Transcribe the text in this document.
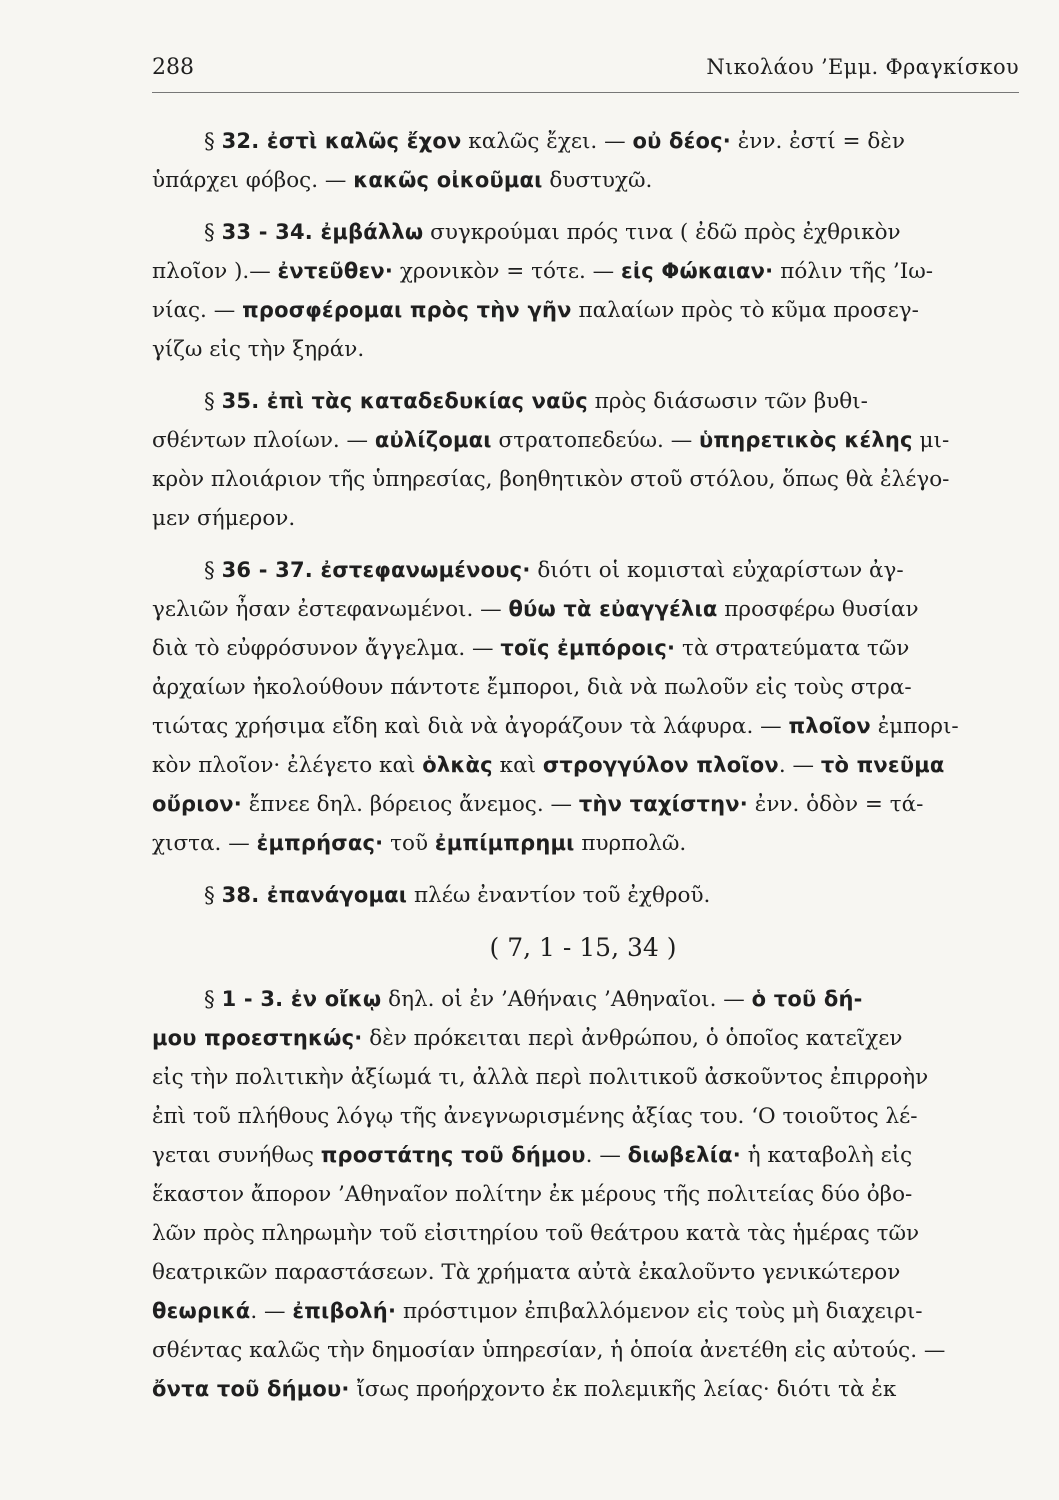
288	Νικολάου ’Εμμ. Φραγκίσκου

§ 32. ἐστὶ καλῶς ἔχον καλῶς ἔχει. — οὐ δέος· ἐνν. ἐστί = δὲν

ὑπάρχει φόβος. — κακῶς οἰκοῦμαι δυστυχῶ.

§ 33 - 34. ἐμβάλλω συγκρούμαι πρός τινα ( ἐδῶ πρὸς ἐχθρικὸν

πλοῖον ).— ἐντεῦθεν· χρονικὸν = τότε. — εἰς Φώκαιαν· πόλιν τῆς ’Ιω-

νίας. — προσφέρομαι πρὸς τὴν γῆν παλαίων πρὸς τὸ κῦμα προσεγ-

γίζω εἰς τὴν ξηράν.

§ 35. ἐπὶ τὰς καταδεδυκίας ναῦς πρὸς διάσωσιν τῶν βυθι-

σθέντων πλοίων. — αὐλίζομαι στρατοπεδεύω. — ὑπηρετικὸς κέλης μι-

κρὸν πλοιάριον τῆς ὑπηρεσίας, βοηθητικὸν στοῦ στόλου, ὅπως θὰ ἐλέγο-

μεν σήμερον.

§ 36 - 37. ἐστεφανωμένους· διότι οἱ κομισταὶ εὐχαρίστων ἀγ-

γελιῶν ἦσαν ἐστεφανωμένοι. — θύω τὰ εὐαγγέλια προσφέρω θυσίαν

διὰ τὸ εὐφρόσυνον ἄγγελμα. — τοῖς ἐμπόροις· τὰ στρατεύματα τῶν

ἀρχαίων ἠκολούθουν πάντοτε ἔμποροι, διὰ νὰ πωλοῦν εἰς τοὺς στρα-

τιώτας χρήσιμα εἴδη καὶ διὰ νὰ ἀγοράζουν τὰ λάφυρα. — πλοῖον ἐμπορι-

κὸν πλοῖον· ἐλέγετο καὶ ὁλκὰς καὶ στρογγύλον πλοῖον. — τὸ πνεῦμα

οὔριον· ἔπνεε δηλ. βόρειος ἄνεμος. — τὴν ταχίστην· ἐνν. ὁδὸν = τά-

χιστα. — ἐμπρήσας· τοῦ ἐμπίμπρημι πυρπολῶ.

§ 38. ἐπανάγομαι πλέω ἐναντίον τοῦ ἐχθροῦ.

( 7, 1 - 15, 34 )

§ 1 - 3. ἐν οἴκῳ δηλ. οἱ ἐν ’Αθήναις ’Αθηναῖοι. — ὁ τοῦ δή-

μου προεστηκώς· δὲν πρόκειται περὶ ἀνθρώπου, ὁ ὁποῖος κατεῖχεν

εἰς τὴν πολιτικὴν ἀξίωμά τι, ἀλλὰ περὶ πολιτικοῦ ἀσκοῦντος ἐπιρροὴν

ἐπὶ τοῦ πλήθους λόγῳ τῆς ἀνεγνωρισμένης ἀξίας του. ‘Ο τοιοῦτος λέ-

γεται συνήθως προστάτης τοῦ δήμου. — διωβελία· ἡ καταβολὴ εἰς

ἕκαστον ἄπορον ’Αθηναῖον πολίτην ἐκ μέρους τῆς πολιτείας δύο ὀβο-

λῶν πρὸς πληρωμὴν τοῦ εἰσιτηρίου τοῦ θεάτρου κατὰ τὰς ἡμέρας τῶν

θεατρικῶν παραστάσεων. Τὰ χρήματα αὐτὰ ἐκαλοῦντο γενικώτερον

θεωρικά. — ἐπιβολή· πρόστιμον ἐπιβαλλόμενον εἰς τοὺς μὴ διαχειρι-

σθέντας καλῶς τὴν δημοσίαν ὑπηρεσίαν, ἡ ὁποία ἀνετέθη εἰς αὐτούς. —

ὄντα τοῦ δήμου· ἴσως προήρχοντο ἐκ πολεμικῆς λείας· διότι τὰ ἐκ
